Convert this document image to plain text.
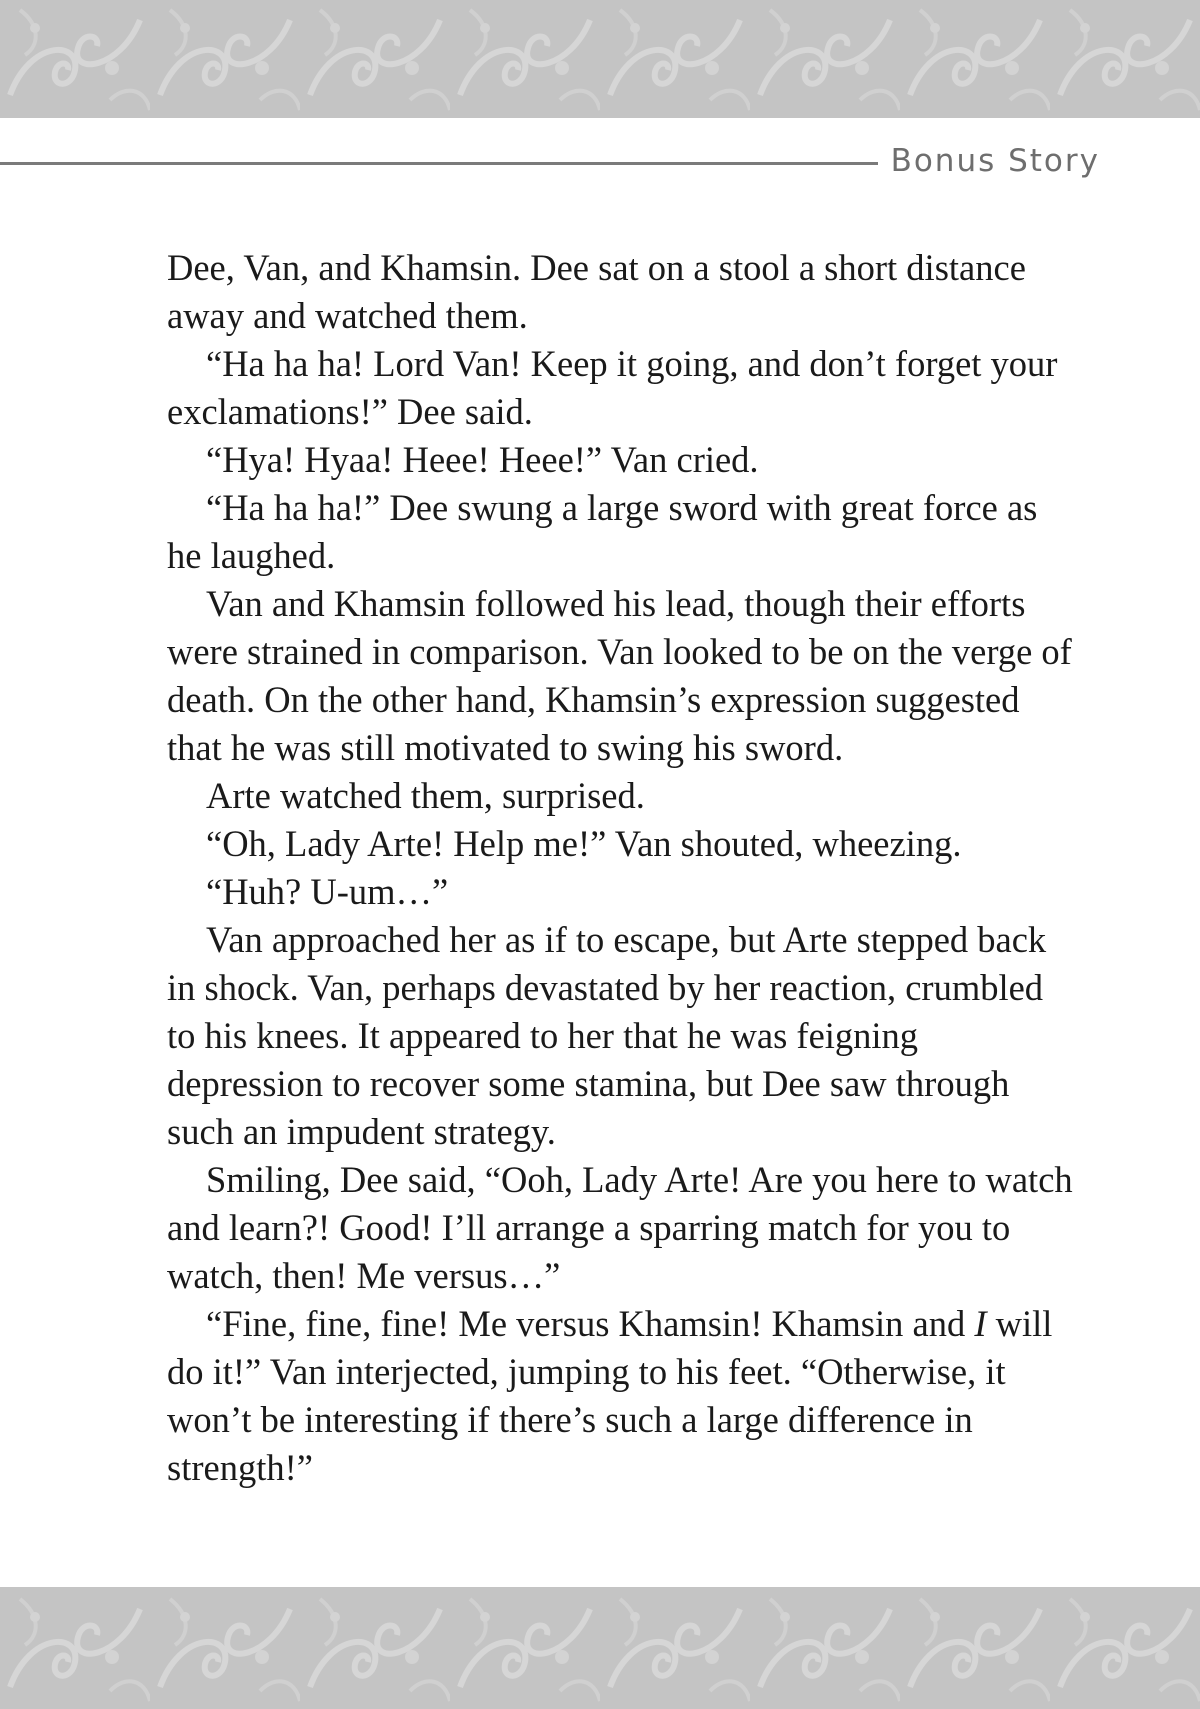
Bonus Story

Dee, Van, and Khamsin. Dee sat on a stool a short distance away and watched them.

“Ha ha ha! Lord Van! Keep it going, and don’t forget your exclamations!” Dee said.

“Hya! Hyaa! Heee! Heee!” Van cried.

“Ha ha ha!” Dee swung a large sword with great force as he laughed.

Van and Khamsin followed his lead, though their efforts were strained in comparison. Van looked to be on the verge of death. On the other hand, Khamsin’s expression suggested that he was still motivated to swing his sword.

Arte watched them, surprised.

“Oh, Lady Arte! Help me!” Van shouted, wheezing.

“Huh? U-um…”

Van approached her as if to escape, but Arte stepped back in shock. Van, perhaps devastated by her reaction, crumbled to his knees. It appeared to her that he was feigning depression to recover some stamina, but Dee saw through such an impudent strategy.

Smiling, Dee said, “Ooh, Lady Arte! Are you here to watch and learn?! Good! I’ll arrange a sparring match for you to watch, then! Me versus…”

“Fine, fine, fine! Me versus Khamsin! Khamsin and I will do it!” Van interjected, jumping to his feet. “Otherwise, it won’t be interesting if there’s such a large difference in strength!”
